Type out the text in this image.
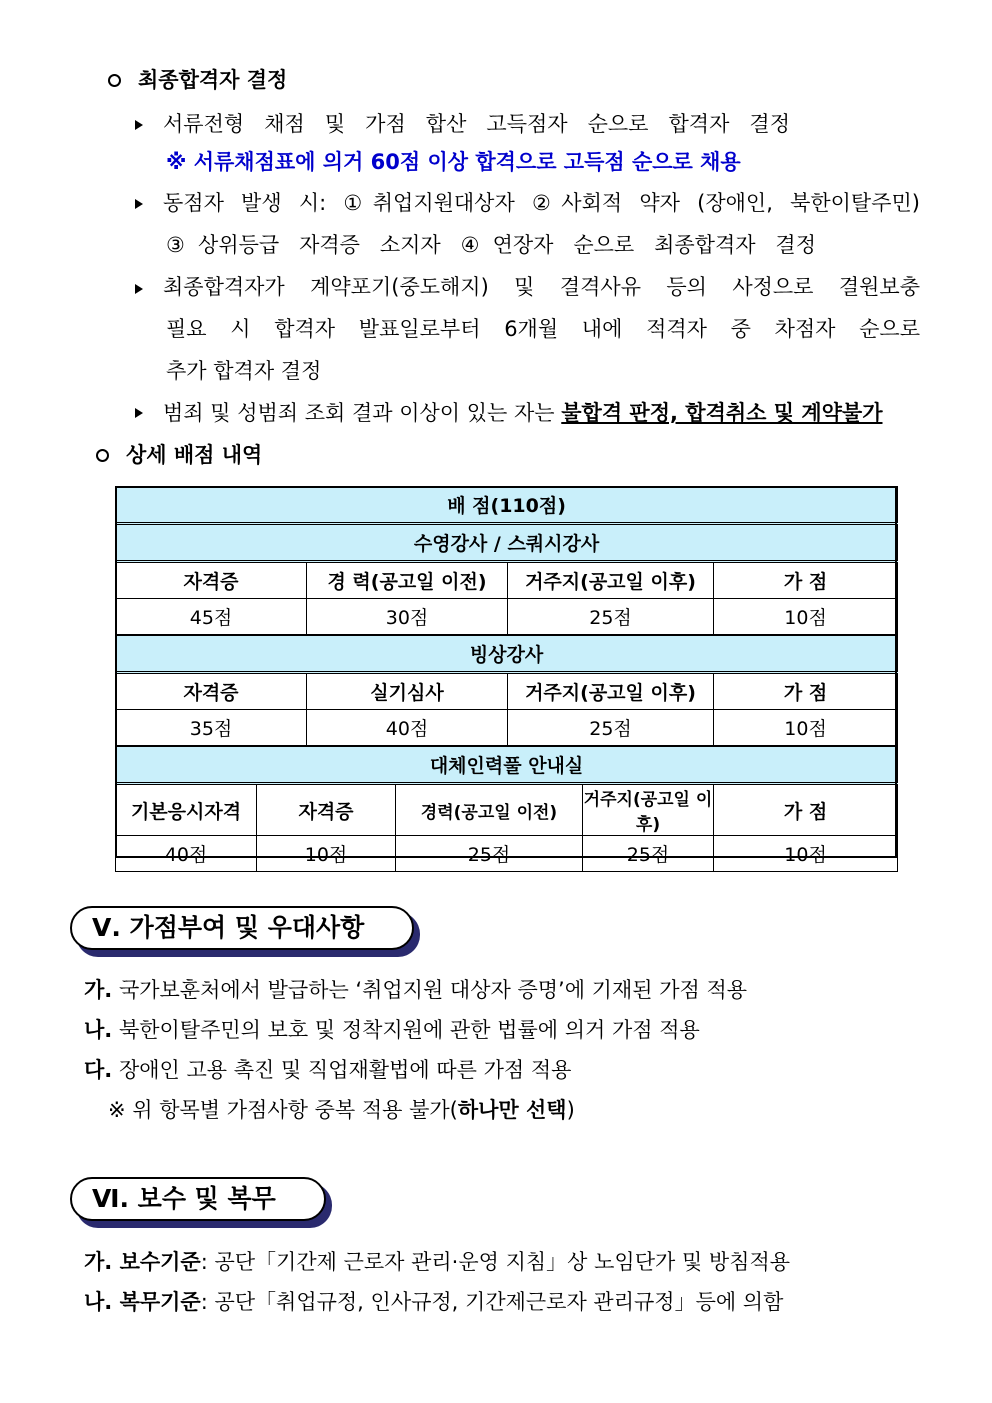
최종합격자 결정
서류전형 채점 및 가점 합산 고득점자 순으로 합격자 결정
※ 서류채점표에 의거 60점 이상 합격으로 고득점 순으로 채용
동점자 발생 시: ①취업지원대상자 ②사회적 약자 (장애인, 북한이탈주민)
③상위등급 자격증 소지자 ④연장자 순으로 최종합격자 결정
최종합격자가 계약포기(중도해지) 및 결격사유 등의 사정으로 결원보충
필요 시 합격자 발표일로부터 6개월 내에 적격자 중 차점자 순으로
추가 합격자 결정
범죄 및 성범죄 조회 결과 이상이 있는 자는 불합격 판정, 합격취소 및 계약불가
상세 배점 내역
배 점(110점)						
수영강사 / 스쿼시강사						
자격증		경 력(공고일 이전)		거주지(공고일 이후)		가 점
45점		30점		25점		10점
빙상강사						
자격증		실기심사		거주지(공고일 이후)		가 점
35점		40점		25점		10점
대체인력풀 안내실						
기본응시자격	자격증		경력(공고일 이전)		거주지(공고일 이후)	가 점
40점	10점		25점		25점	10점
Ⅴ. 가점부여 및 우대사항
가. 국가보훈처에서 발급하는 ‘취업지원 대상자 증명’에 기재된 가점 적용
나. 북한이탈주민의 보호 및 정착지원에 관한 법률에 의거 가점 적용
다. 장애인 고용 촉진 및 직업재활법에 따른 가점 적용
※ 위 항목별 가점사항 중복 적용 불가(하나만 선택)
Ⅵ. 보수 및 복무
가. 보수기준: 공단「기간제 근로자 관리·운영 지침」상 노임단가 및 방침적용
나. 복무기준: 공단「취업규정, 인사규정, 기간제근로자 관리규정」등에 의함
